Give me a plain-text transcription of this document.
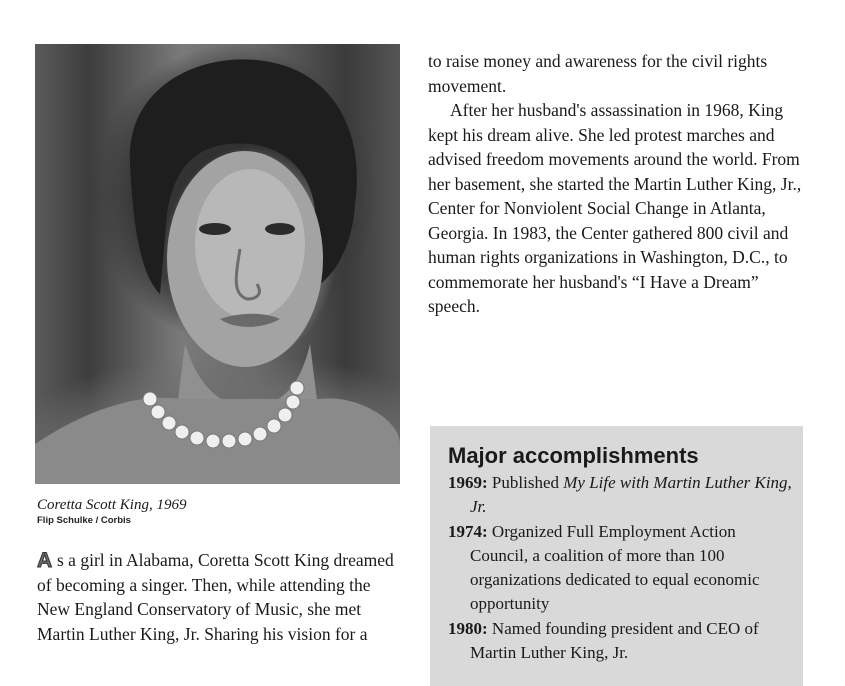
Coretta Scott King, 1969
Flip Schulke / Corbis
A s a girl in Alabama, Coretta Scott King dreamed of becoming a singer. Then, while attending the New England Conservatory of Music, she met Martin Luther King, Jr. Sharing his vision for a

to raise money and awareness for the civil rights movement.

After her husband's assassination in 1968, King kept his dream alive. She led protest marches and advised freedom movements around the world. From her basement, she started the Martin Luther King, Jr., Center for Nonviolent Social Change in Atlanta, Georgia. In 1983, the Center gathered 800 civil and human rights organizations in Washington, D.C., to commemorate her husband's “I Have a Dream” speech.

Major accomplishments
1969: Published My Life with Martin Luther King, Jr.
1974: Organized Full Employment Action Council, a coalition of more than 100 organizations dedicated to equal economic opportunity
1980: Named founding president and CEO of Martin Luther King, Jr.
